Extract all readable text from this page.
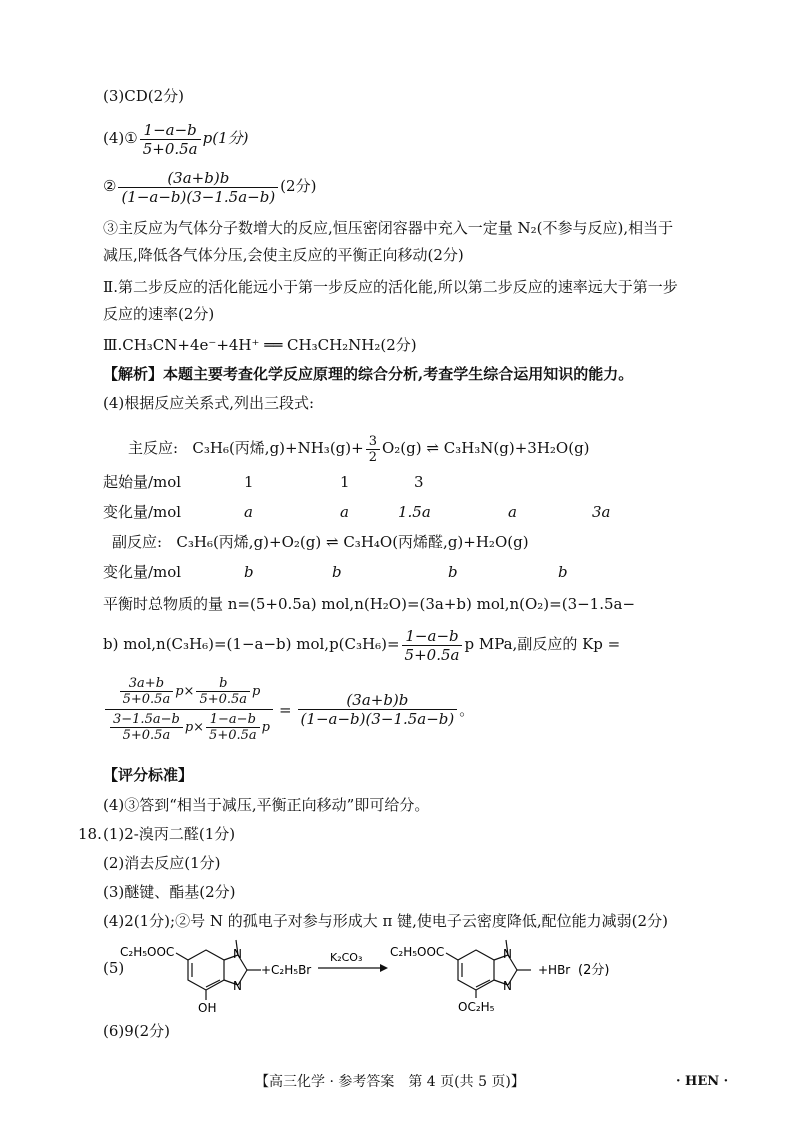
(3)CD(2分)
(4)① $\frac{1-a-b}{5+0.5a} p(1$分)
② $\frac{(3a+b)b}{(1-a-b)(3-1.5a-b)} (2$分)
③主反应为气体分子数增大的反应,恒压密闭容器中充入一定量 N₂(不参与反应),相当于
减压,降低各气体分压,会使主反应的平衡正向移动(2分)
Ⅱ.第二步反应的活化能远小于第一步反应的活化能,所以第二步反应的速率远大于第一步
反应的速率(2分)
Ⅲ.CH₃CN+4e⁻+4H⁺ ══ CH₃CH₂NH₂(2分)
【解析】本题主要考查化学反应原理的综合分析,考查学生综合运用知识的能力。
(4)根据反应关系式,列出三段式:
主反应: C₃H₆(丙烯$,g)+NH_3(g)+ \frac{3}{2} O_2(g)$ ⇌ C₃H₃N(g)+3H₂O(g)
起始量/mol	1	1	3
变化量/mol	a	a	1.5a	a	3a
副反应: C₃H₆(丙烯,g)+O₂(g) ⇌ C₃H₄O(丙烯醛,g)+H₂O(g)
变化量/mol	b	b	b	b
平衡时总物质的量 n=(5+0.5a) mol,n(H₂O)=(3a+b) mol,n(O₂)=(3−1.5a−
b) mol,n(C₃H₆)=(1−a−b) $mol,p(C_3H_6)= \frac{1-a-b}{5+0.5a}$ p MPa,副反应的 Kp =
$\frac{\frac{3a+b}{5+0.5a} p\times \frac{b}{5+0.5a} p}{\frac{3-1.5a-b}{5+0.5a} p\times \frac{1-a-b}{5+0.5a} p} = \frac{(3a+b)b}{(1-a-b)(3-1.5a-b)}$ 。
【评分标准】
(4)③答到“相当于减压,平衡正向移动”即可给分。
18. (1)2-溴丙二醛(1分)
(2)消去反应(1分)
(3)醚键、酯基(2分)
(4)2(1分);②号 N 的孤电子对参与形成大 π 键,使电子云密度降低,配位能力减弱(2分)
(5)
C₂H₅OOC	N
N
OH
+C₂H₅Br
K₂CO₃ C₂H₅OOC	N
N
OC₂H₅
+HBr (2分)
(6)9(2分)
【高三化学 · 参考答案　第 4 页(共 5 页)】	· HEN ·
